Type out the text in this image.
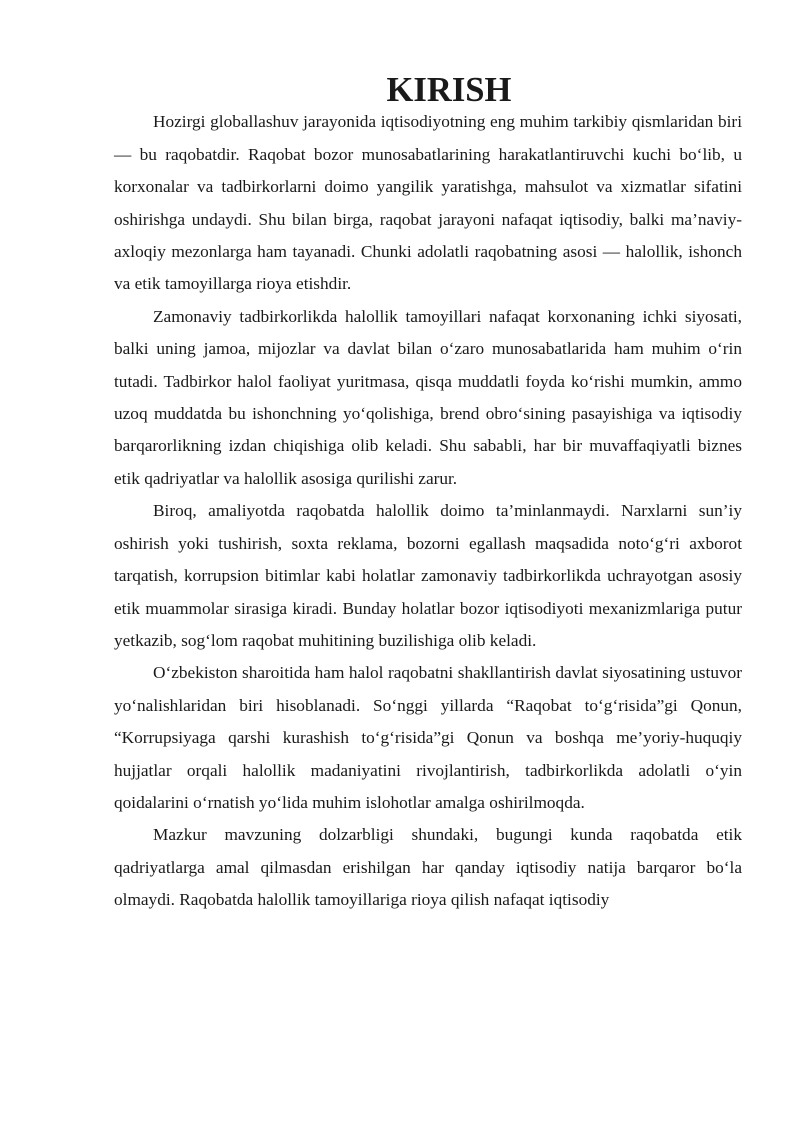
KIRISH

Hozirgi globallashuv jarayonida iqtisodiyotning eng muhim tarkibiy qismlaridan biri — bu raqobatdir. Raqobat bozor munosabatlarining harakatlantiruvchi kuchi bo‘lib, u korxonalar va tadbirkorlarni doimo yangilik yaratishga, mahsulot va xizmatlar sifatini oshirishga undaydi. Shu bilan birga, raqobat jarayoni nafaqat iqtisodiy, balki ma’naviy-axloqiy mezonlarga ham tayanadi. Chunki adolatli raqobatning asosi — halollik, ishonch va etik tamoyillarga rioya etishdir.

Zamonaviy tadbirkorlikda halollik tamoyillari nafaqat korxonaning ichki siyosati, balki uning jamoa, mijozlar va davlat bilan o‘zaro munosabatlarida ham muhim o‘rin tutadi. Tadbirkor halol faoliyat yuritmasa, qisqa muddatli foyda ko‘rishi mumkin, ammo uzoq muddatda bu ishonchning yo‘qolishiga, brend obro‘sining pasayishiga va iqtisodiy barqarorlikning izdan chiqishiga olib keladi. Shu sababli, har bir muvaffaqiyatli biznes etik qadriyatlar va halollik asosiga qurilishi zarur.

Biroq, amaliyotda raqobatda halollik doimo ta’minlanmaydi. Narxlarni sun’iy oshirish yoki tushirish, soxta reklama, bozorni egallash maqsadida noto‘g‘ri axborot tarqatish, korrupsion bitimlar kabi holatlar zamonaviy tadbirkorlikda uchrayotgan asosiy etik muammolar sirasiga kiradi. Bunday holatlar bozor iqtisodiyoti mexanizmlariga putur yetkazib, sog‘lom raqobat muhitining buzilishiga olib keladi.

O‘zbekiston sharoitida ham halol raqobatni shakllantirish davlat siyosatining ustuvor yo‘nalishlaridan biri hisoblanadi. So‘nggi yillarda “Raqobat to‘g‘risida”gi Qonun, “Korrupsiyaga qarshi kurashish to‘g‘risida”gi Qonun va boshqa me’yoriy-huquqiy hujjatlar orqali halollik madaniyatini rivojlantirish, tadbirkorlikda adolatli o‘yin qoidalarini o‘rnatish yo‘lida muhim islohotlar amalga oshirilmoqda.

Mazkur mavzuning dolzarbligi shundaki, bugungi kunda raqobatda etik qadriyatlarga amal qilmasdan erishilgan har qanday iqtisodiy natija barqaror bo‘la olmaydi. Raqobatda halollik tamoyillariga rioya qilish nafaqat iqtisodiy
